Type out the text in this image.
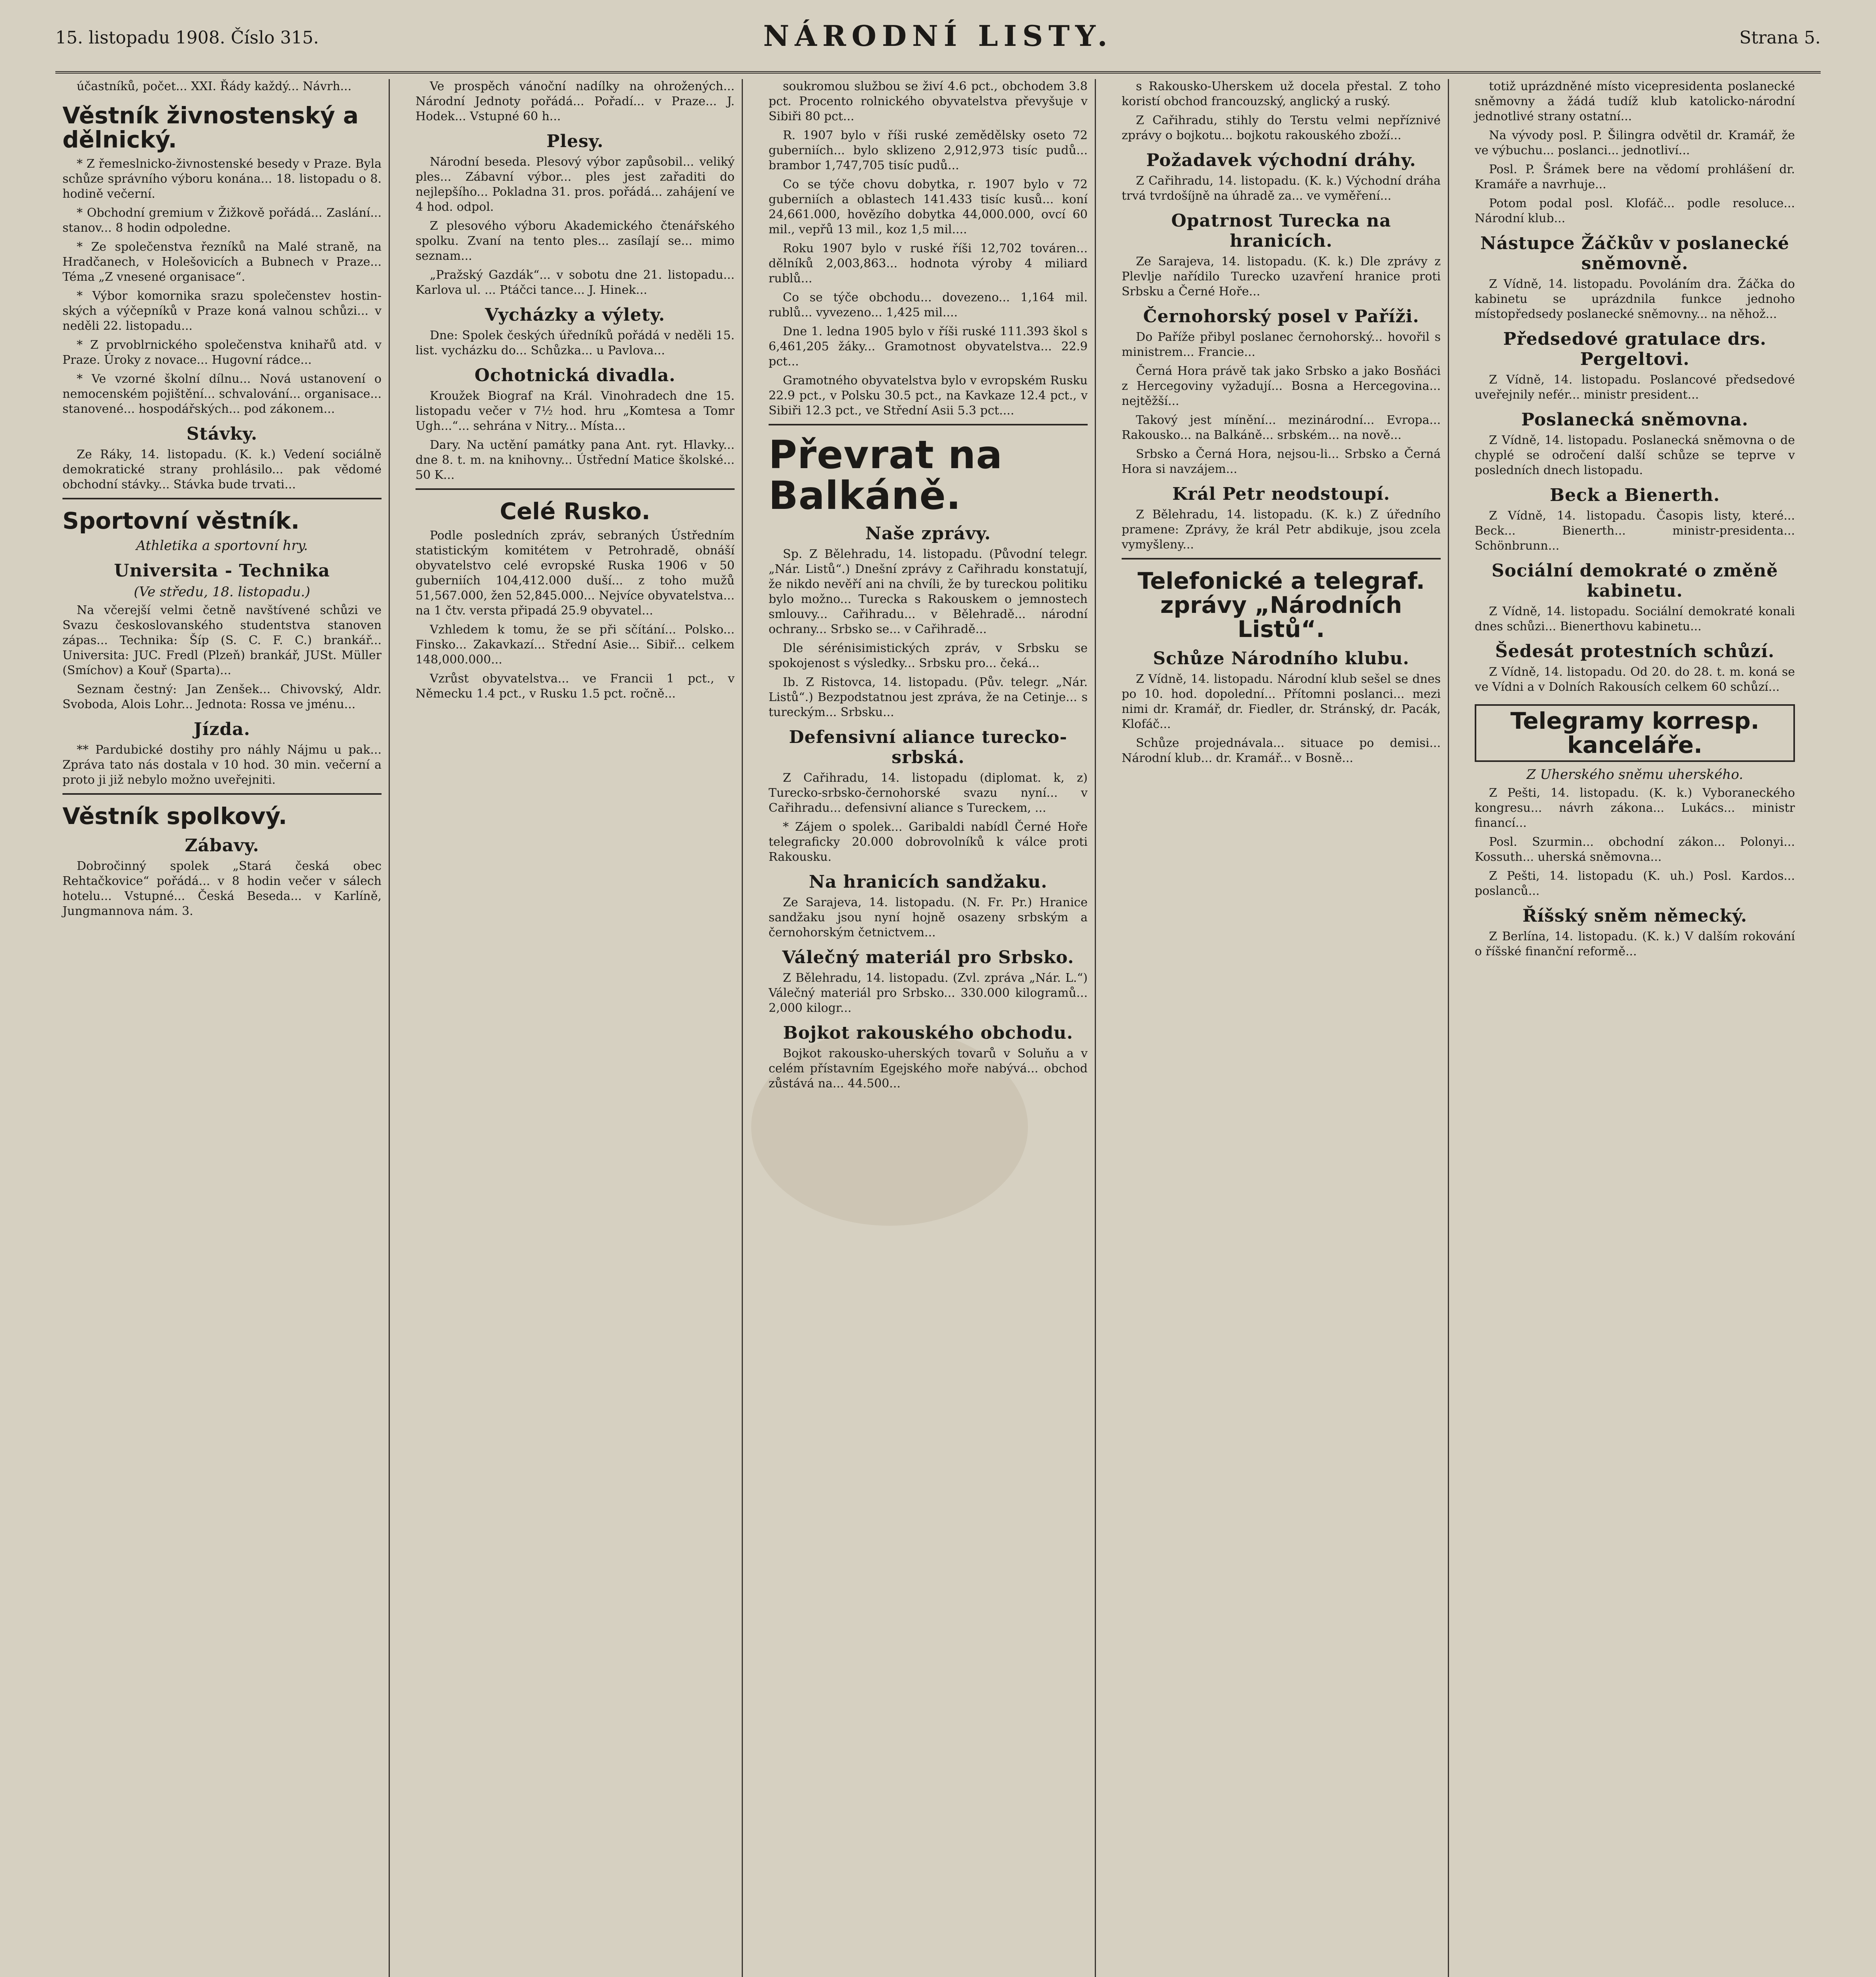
15. listopadu 1908. Číslo 315.	NÁRODNÍ LISTY.	Strana 5.
účastníků, počet... XXI. Řády každý... Návrh...
Věstník živnostenský a dělnický.
* Z řemeslnicko-živnostenské besedy v Praze. Byla schůze správního výboru konána... 18. listopadu o 8. hodině večerní.
* Obchodní gremium v Žižkově pořádá... Zaslání... stanov... 8 hodin odpoledne.
* Ze společenstva řezníků na Malé straně, na Hradčanech, v Holešovicích a Bubnech v Praze... Téma „Z vnesené organisace“.
* Výbor komornika srazu společenstev hostin-ských a výčepníků v Praze koná valnou schůzi... v neděli 22. listopadu...
* Z prvoblrnického společenstva knihařů atd. v Praze. Úroky z novace... Hugovní rádce...
* Ve vzorné školní dílnu... Nová ustanovení o nemocenském pojištění... schvalování... organisace... stanovené... hospodářských... pod zákonem...
Stávky.
Ze Ráky, 14. listopadu. (K. k.) Vedení sociálně demokratické strany prohlásilo... pak vědomé obchodní stávky... Stávka bude trvati...
Sportovní věstník.
Athletika a sportovní hry.
Universita - Technika
(Ve středu, 18. listopadu.)
Na včerejší velmi četně navštívené schůzi ve Svazu českoslovanského studentstva stanoven zápas... Technika: Šíp (S. C. F. C.) brankář... Universita: JUC. Fredl (Plzeň) brankář, JUSt. Müller (Smíchov) a Kouř (Sparta)...
Seznam čestný: Jan Zenšek... Chivovský, Aldr. Svoboda, Alois Lohr... Jednota: Rossa ve jménu...
Jízda.
** Pardubické dostihy pro náhly Nájmu u pak... Zpráva tato nás dostala v 10 hod. 30 min. večerní a proto ji již nebylo možno uveřejniti.
Věstník spolkový.
Zábavy.
Dobročinný spolek „Stará česká obec Rehtačkovice“ pořádá... v 8 hodin večer v sálech hotelu... Vstupné... Česká Beseda... v Karlíně, Jungmannova nám. 3.
Ve prospěch vánoční nadílky na ohrožených... Národní Jednoty pořádá... Pořadí... v Praze... J. Hodek... Vstupné 60 h...
Plesy.
Národní beseda. Plesový výbor zapůsobil... veliký ples... Zábavní výbor... ples jest zařaditi do nejlepšího... Pokladna 31. pros. pořádá... zahájení ve 4 hod. odpol.
Z plesového výboru Akademického čtenářského spolku. Zvaní na tento ples... zasílají se... mimo seznam...
„Pražský Gazdák“... v sobotu dne 21. listopadu... Karlova ul. ... Ptáčci tance... J. Hinek...
Vycházky a výlety.
Dne: Spolek českých úředníků pořádá v neděli 15. list. vycházku do... Schůzka... u Pavlova...
Ochotnická divadla.
Kroužek Biograf na Král. Vinohradech dne 15. listopadu večer v 7½ hod. hru „Komtesa a Tomr Ugh...“... sehrána v Nitry... Místa...
Dary. Na uctění památky pana Ant. ryt. Hlavky... dne 8. t. m. na knihovny... Ústřední Matice školské... 50 K...
Celé Rusko.
Podle posledních zpráv, sebraných Ústředním statistickým komitétem v Petrohradě, obnáší obyvatelstvo celé evropské Ruska 1906 v 50 guberniích 104,412.000 duší... z toho mužů 51,567.000, žen 52,845.000... Nejvíce obyvatelstva... na 1 čtv. versta připadá 25.9 obyvatel...
Vzhledem k tomu, že se při sčítání... Polsko... Finsko... Zakavkazí... Střední Asie... Sibiř... celkem 148,000.000...
Vzrůst obyvatelstva... ve Francii 1 pct., v Německu 1.4 pct., v Rusku 1.5 pct. ročně...
soukromou službou se živí 4.6 pct., obchodem 3.8 pct. Procento rolnického obyvatelstva převyšuje v Sibiři 80 pct...
R. 1907 bylo v říši ruské zemědělsky oseto 72 guberniích... bylo sklizeno 2,912,973 tisíc pudů... brambor 1,747,705 tisíc pudů...
Co se týče chovu dobytka, r. 1907 bylo v 72 guberniích a oblastech 141.433 tisíc kusů... koní 24,661.000, hovězího dobytka 44,000.000, ovcí 60 mil., vepřů 13 mil., koz 1,5 mil....
Roku 1907 bylo v ruské říši 12,702 továren... dělníků 2,003,863... hodnota výroby 4 miliard rublů...
Co se týče obchodu... dovezeno... 1,164 mil. rublů... vyvezeno... 1,425 mil....
Dne 1. ledna 1905 bylo v říši ruské 111.393 škol s 6,461,205 žáky... Gramotnost obyvatelstva... 22.9 pct...
Gramotného obyvatelstva bylo v evropském Rusku 22.9 pct., v Polsku 30.5 pct., na Kavkaze 12.4 pct., v Sibiři 12.3 pct., ve Střední Asii 5.3 pct....
Převrat na Balkáně.
Naše zprávy.
Sp. Z Bělehradu, 14. listopadu. (Původní telegr. „Nár. Listů“.) Dnešní zprávy z Cařihradu konstatují, že nikdo nevěří ani na chvíli, že by tureckou politiku bylo možno... Turecka s Rakouskem o jemnostech smlouvy... Cařihradu... v Bělehradě... národní ochrany... Srbsko se... v Cařihradě...
Dle sérénisimistických zpráv, v Srbsku se spokojenost s výsledky... Srbsku pro... čeká...
Ib. Z Ristovca, 14. listopadu. (Pův. telegr. „Nár. Listů“.) Bezpodstatnou jest zpráva, že na Cetinje... s tureckým... Srbsku...
Defensivní aliance turecko-srbská.
Z Cařihradu, 14. listopadu (diplomat. k, z) Turecko-srbsko-černohorské svazu nyní... v Cařihradu... defensivní aliance s Tureckem, ...
* Zájem o spolek... Garibaldi nabídl Černé Hoře telegraficky 20.000 dobrovolníků k válce proti Rakousku.
Na hranicích sandžaku.
Ze Sarajeva, 14. listopadu. (N. Fr. Pr.) Hranice sandžaku jsou nyní hojně osazeny srbským a černohorským četnictvem...
Válečný materiál pro Srbsko.
Z Bělehradu, 14. listopadu. (Zvl. zpráva „Nár. L.“) Válečný materiál pro Srbsko... 330.000 kilogramů... 2,000 kilogr...
Bojkot rakouského obchodu.
Bojkot rakousko-uherských tovarů v Soluňu a v celém přístavním Egejského moře nabývá... obchod zůstává na... 44.500...
s Rakousko-Uherskem už docela přestal. Z toho koristí obchod francouzský, anglický a ruský.
Z Cařihradu, stihly do Terstu velmi nepříznivé zprávy o bojkotu... bojkotu rakouského zboží...
Požadavek východní dráhy.
Z Cařihradu, 14. listopadu. (K. k.) Východní dráha trvá tvrdošíjně na úhradě za... ve vyměření...
Opatrnost Turecka na hranicích.
Ze Sarajeva, 14. listopadu. (K. k.) Dle zprávy z Plevlje nařídilo Turecko uzavření hranice proti Srbsku a Černé Hoře...
Černohorský posel v Paříži.
Do Paříže přibyl poslanec černohorský... hovořil s ministrem... Francie...
Černá Hora právě tak jako Srbsko a jako Bosňáci z Hercegoviny vyžadují... Bosna a Hercegovina... nejtěžší...
Takový jest mínění... mezinárodní... Evropa... Rakousko... na Balkáně... srbském... na nově...
Srbsko a Černá Hora, nejsou-li... Srbsko a Černá Hora si navzájem...
Král Petr neodstoupí.
Z Bělehradu, 14. listopadu. (K. k.) Z úředního pramene: Zprávy, že král Petr abdikuje, jsou zcela vymyšleny...
Telefonické a telegraf. zprávy „Národních Listů“.
Schůze Národního klubu.
Z Vídně, 14. listopadu. Národní klub sešel se dnes po 10. hod. dopolední... Přítomni poslanci... mezi nimi dr. Kramář, dr. Fiedler, dr. Stránský, dr. Pacák, Klofáč...
Schůze projednávala... situace po demisi... Národní klub... dr. Kramář... v Bosně...
totiž uprázdněné místo vicepresidenta poslanecké sněmovny a žádá tudíž klub katolicko-národní jednotlivé strany ostatní...
Na vývody posl. P. Šilingra odvětil dr. Kramář, že ve výbuchu... poslanci... jednotliví...
Posl. P. Šrámek bere na vědomí prohlášení dr. Kramáře a navrhuje...
Potom podal posl. Klofáč... podle resoluce... Národní klub...
Nástupce Žáčkův v poslanecké sněmovně.
Z Vídně, 14. listopadu. Povoláním dra. Žáčka do kabinetu se uprázdnila funkce jednoho místopředsedy poslanecké sněmovny... na něhož...
Předsedové gratulace drs. Pergeltovi.
Z Vídně, 14. listopadu. Poslancové předsedové uveřejnily nefér... ministr president...
Poslanecká sněmovna.
Z Vídně, 14. listopadu. Poslanecká sněmovna o de chyplé se odročení další schůze se teprve v posledních dnech listopadu.
Beck a Bienerth.
Z Vídně, 14. listopadu. Časopis listy, které... Beck... Bienerth... ministr-presidenta... Schönbrunn...
Sociální demokraté o změně kabinetu.
Z Vídně, 14. listopadu. Sociální demokraté konali dnes schůzi... Bienerthovu kabinetu...
Šedesát protestních schůzí.
Z Vídně, 14. listopadu. Od 20. do 28. t. m. koná se ve Vídni a v Dolních Rakousích celkem 60 schůzí...
Telegramy korresp. kanceláře.
Z Uherského sněmu uherského.
Z Pešti, 14. listopadu. (K. k.) Vyboraneckého kongresu... návrh zákona... Lukács... ministr financí...
Posl. Szurmin... obchodní zákon... Polonyi... Kossuth... uherská sněmovna...
Z Pešti, 14. listopadu (K. uh.) Posl. Kardos... poslanců...
Říšský sněm německý.
Z Berlína, 14. listopadu. (K. k.) V dalším rokování o říšské finanční reformě...
